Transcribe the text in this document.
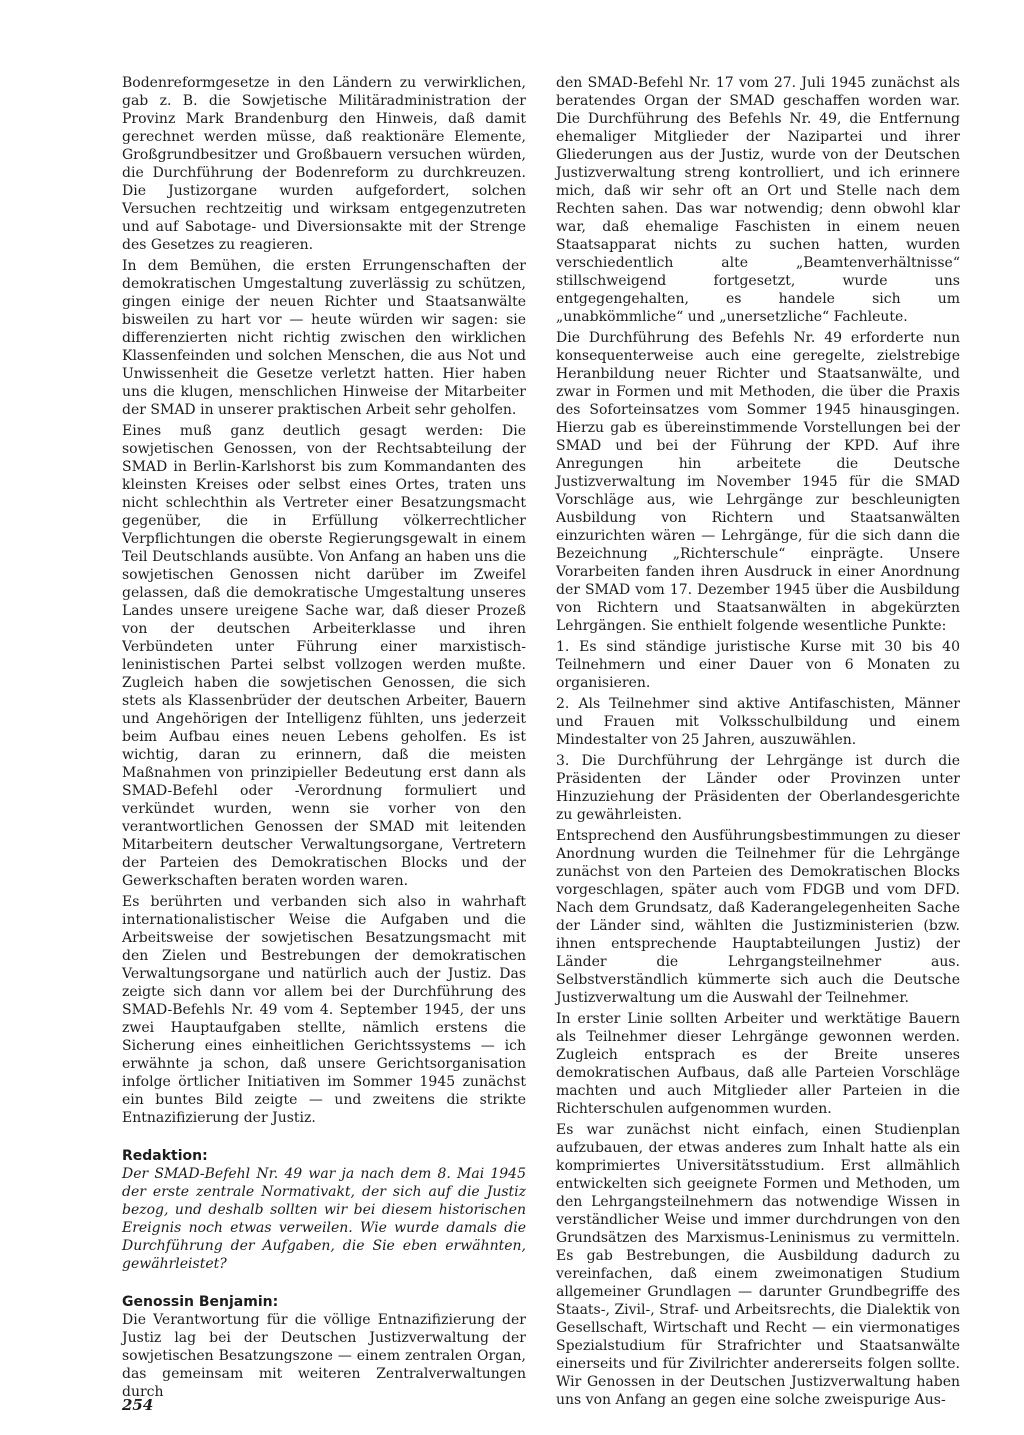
Bodenreformgesetze in den Ländern zu verwirklichen, gab z. B. die Sowjetische Militäradministration der Provinz Mark Brandenburg den Hinweis, daß damit gerechnet werden müsse, daß reaktionäre Elemente, Großgrundbesitzer und Großbauern versuchen würden, die Durchführung der Bodenreform zu durchkreuzen. Die Justizorgane wurden aufgefordert, solchen Versuchen rechtzeitig und wirksam entgegenzutreten und auf Sabotage- und Diversionsakte mit der Strenge des Gesetzes zu reagieren.

In dem Bemühen, die ersten Errungenschaften der demokratischen Umgestaltung zuverlässig zu schützen, gingen einige der neuen Richter und Staatsanwälte bisweilen zu hart vor — heute würden wir sagen: sie differenzierten nicht richtig zwischen den wirklichen Klassenfeinden und solchen Menschen, die aus Not und Unwissenheit die Gesetze verletzt hatten. Hier haben uns die klugen, menschlichen Hinweise der Mitarbeiter der SMAD in unserer praktischen Arbeit sehr geholfen.

Eines muß ganz deutlich gesagt werden: Die sowjetischen Genossen, von der Rechtsabteilung der SMAD in Berlin-Karlshorst bis zum Kommandanten des kleinsten Kreises oder selbst eines Ortes, traten uns nicht schlechthin als Vertreter einer Besatzungsmacht gegenüber, die in Erfüllung völkerrechtlicher Verpflichtungen die oberste Regierungsgewalt in einem Teil Deutschlands ausübte. Von Anfang an haben uns die sowjetischen Genossen nicht darüber im Zweifel gelassen, daß die demokratische Umgestaltung unseres Landes unsere ureigene Sache war, daß dieser Prozeß von der deutschen Arbeiterklasse und ihren Verbündeten unter Führung einer marxistisch-leninistischen Partei selbst vollzogen werden mußte. Zugleich haben die sowjetischen Genossen, die sich stets als Klassenbrüder der deutschen Arbeiter, Bauern und Angehörigen der Intelligenz fühlten, uns jederzeit beim Aufbau eines neuen Lebens geholfen. Es ist wichtig, daran zu erinnern, daß die meisten Maßnahmen von prinzipieller Bedeutung erst dann als SMAD-Befehl oder -Verordnung formuliert und verkündet wurden, wenn sie vorher von den verantwortlichen Genossen der SMAD mit leitenden Mitarbeitern deutscher Verwaltungsorgane, Vertretern der Parteien des Demokratischen Blocks und der Gewerkschaften beraten worden waren.

Es berührten und verbanden sich also in wahrhaft internationalistischer Weise die Aufgaben und die Arbeitsweise der sowjetischen Besatzungsmacht mit den Zielen und Bestrebungen der demokratischen Verwaltungsorgane und natürlich auch der Justiz. Das zeigte sich dann vor allem bei der Durchführung des SMAD-Befehls Nr. 49 vom 4. September 1945, der uns zwei Hauptaufgaben stellte, nämlich erstens die Sicherung eines einheitlichen Gerichtssystems — ich erwähnte ja schon, daß unsere Gerichtsorganisation infolge örtlicher Initiativen im Sommer 1945 zunächst ein buntes Bild zeigte — und zweitens die strikte Entnazifizierung der Justiz.

Redaktion:

Der SMAD-Befehl Nr. 49 war ja nach dem 8. Mai 1945 der erste zentrale Normativakt, der sich auf die Justiz bezog, und deshalb sollten wir bei diesem historischen Ereignis noch etwas verweilen. Wie wurde damals die Durchführung der Aufgaben, die Sie eben erwähnten, gewährleistet?

Genossin Benjamin:

Die Verantwortung für die völlige Entnazifizierung der Justiz lag bei der Deutschen Justizverwaltung der sowjetischen Besatzungszone — einem zentralen Organ, das gemeinsam mit weiteren Zentralverwaltungen durch

den SMAD-Befehl Nr. 17 vom 27. Juli 1945 zunächst als beratendes Organ der SMAD geschaffen worden war. Die Durchführung des Befehls Nr. 49, die Entfernung ehemaliger Mitglieder der Nazipartei und ihrer Gliederungen aus der Justiz, wurde von der Deutschen Justizverwaltung streng kontrolliert, und ich erinnere mich, daß wir sehr oft an Ort und Stelle nach dem Rechten sahen. Das war notwendig; denn obwohl klar war, daß ehemalige Faschisten in einem neuen Staatsapparat nichts zu suchen hatten, wurden verschiedentlich alte „Beamtenverhältnisse“ stillschweigend fortgesetzt, wurde uns entgegengehalten, es handele sich um „unabkömmliche“ und „unersetzliche“ Fachleute.

Die Durchführung des Befehls Nr. 49 erforderte nun konsequenterweise auch eine geregelte, zielstrebige Heranbildung neuer Richter und Staatsanwälte, und zwar in Formen und mit Methoden, die über die Praxis des Soforteinsatzes vom Sommer 1945 hinausgingen. Hierzu gab es übereinstimmende Vorstellungen bei der SMAD und bei der Führung der KPD. Auf ihre Anregungen hin arbeitete die Deutsche Justizverwaltung im November 1945 für die SMAD Vorschläge aus, wie Lehrgänge zur beschleunigten Ausbildung von Richtern und Staatsanwälten einzurichten wären — Lehrgänge, für die sich dann die Bezeichnung „Richterschule“ einprägte. Unsere Vorarbeiten fanden ihren Ausdruck in einer Anordnung der SMAD vom 17. Dezember 1945 über die Ausbildung von Richtern und Staatsanwälten in abgekürzten Lehrgängen. Sie enthielt folgende wesentliche Punkte:

1. Es sind ständige juristische Kurse mit 30 bis 40 Teilnehmern und einer Dauer von 6 Monaten zu organisieren.

2. Als Teilnehmer sind aktive Antifaschisten, Männer und Frauen mit Volksschulbildung und einem Mindestalter von 25 Jahren, auszuwählen.

3. Die Durchführung der Lehrgänge ist durch die Präsidenten der Länder oder Provinzen unter Hinzuziehung der Präsidenten der Oberlandesgerichte zu gewährleisten.

Entsprechend den Ausführungsbestimmungen zu dieser Anordnung wurden die Teilnehmer für die Lehrgänge zunächst von den Parteien des Demokratischen Blocks vorgeschlagen, später auch vom FDGB und vom DFD. Nach dem Grundsatz, daß Kaderangelegenheiten Sache der Länder sind, wählten die Justizministerien (bzw. ihnen entsprechende Hauptabteilungen Justiz) der Länder die Lehrgangsteilnehmer aus. Selbstverständlich kümmerte sich auch die Deutsche Justizverwaltung um die Auswahl der Teilnehmer.

In erster Linie sollten Arbeiter und werktätige Bauern als Teilnehmer dieser Lehrgänge gewonnen werden. Zugleich entsprach es der Breite unseres demokratischen Aufbaus, daß alle Parteien Vorschläge machten und auch Mitglieder aller Parteien in die Richterschulen aufgenommen wurden.

Es war zunächst nicht einfach, einen Studienplan aufzubauen, der etwas anderes zum Inhalt hatte als ein komprimiertes Universitätsstudium. Erst allmählich entwickelten sich geeignete Formen und Methoden, um den Lehrgangsteilnehmern das notwendige Wissen in verständlicher Weise und immer durchdrungen von den Grundsätzen des Marxismus-Leninismus zu vermitteln. Es gab Bestrebungen, die Ausbildung dadurch zu vereinfachen, daß einem zweimonatigen Studium allgemeiner Grundlagen — darunter Grundbegriffe des Staats-, Zivil-, Straf- und Arbeitsrechts, die Dialektik von Gesellschaft, Wirtschaft und Recht — ein viermonatiges Spezialstudium für Strafrichter und Staatsanwälte einerseits und für Zivilrichter andererseits folgen sollte. Wir Genossen in der Deutschen Justizverwaltung haben uns von Anfang an gegen eine solche zweispurige Aus-

254
